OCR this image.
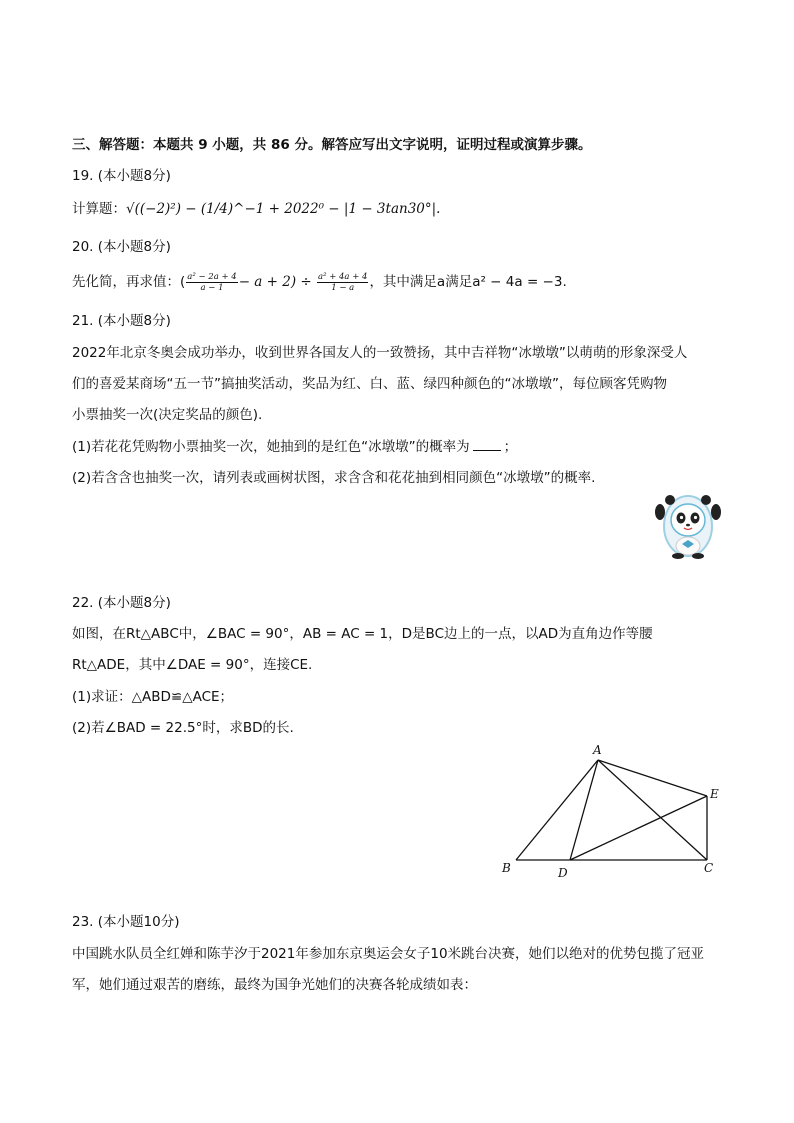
三、解答题：本题共 9 小题，共 86 分。解答应写出文字说明，证明过程或演算步骤。
19. (本小题8分)
计算题：√((−2)²) − (1/4)^−1 + 2022⁰ − |1 − 3tan30°|.
20. (本小题8分)
先化简，再求值：( $\frac{\text{a² − 2a + 4}}{a - 1} - a + 2) \div \frac{\text{a² + 4a + 4}}{1 - a}$ ，其中满足a满足a² − 4a = −3.
21. (本小题8分)
2022年北京冬奥会成功举办，收到世界各国友人的一致赞扬，其中吉祥物“冰墩墩”以萌萌的形象深受人
们的喜爱某商场“五一节”搞抽奖活动，奖品为红、白、蓝、绿四种颜色的“冰墩墩”，每位顾客凭购物
小票抽奖一次(决定奖品的颜色).
(1)若花花凭购物小票抽奖一次，她抽到的是红色“冰墩墩”的概率为	；
(2)若含含也抽奖一次，请列表或画树状图，求含含和花花抽到相同颜色“冰墩墩”的概率.
22. (本小题8分)
如图，在Rt△ABC中，∠BAC = 90°，AB = AC = 1，D是BC边上的一点，以AD为直角边作等腰
Rt△ADE，其中∠DAE = 90°，连接CE.
(1)求证：△ABD≌△ACE；
(2)若∠BAD = 22.5°时，求BD的长.
A
B	C
D
E
23. (本小题10分)
中国跳水队员全红婵和陈芋汐于2021年参加东京奥运会女子10米跳台决赛，她们以绝对的优势包揽了冠亚
军，她们通过艰苦的磨练，最终为国争光她们的决赛各轮成绩如表：
